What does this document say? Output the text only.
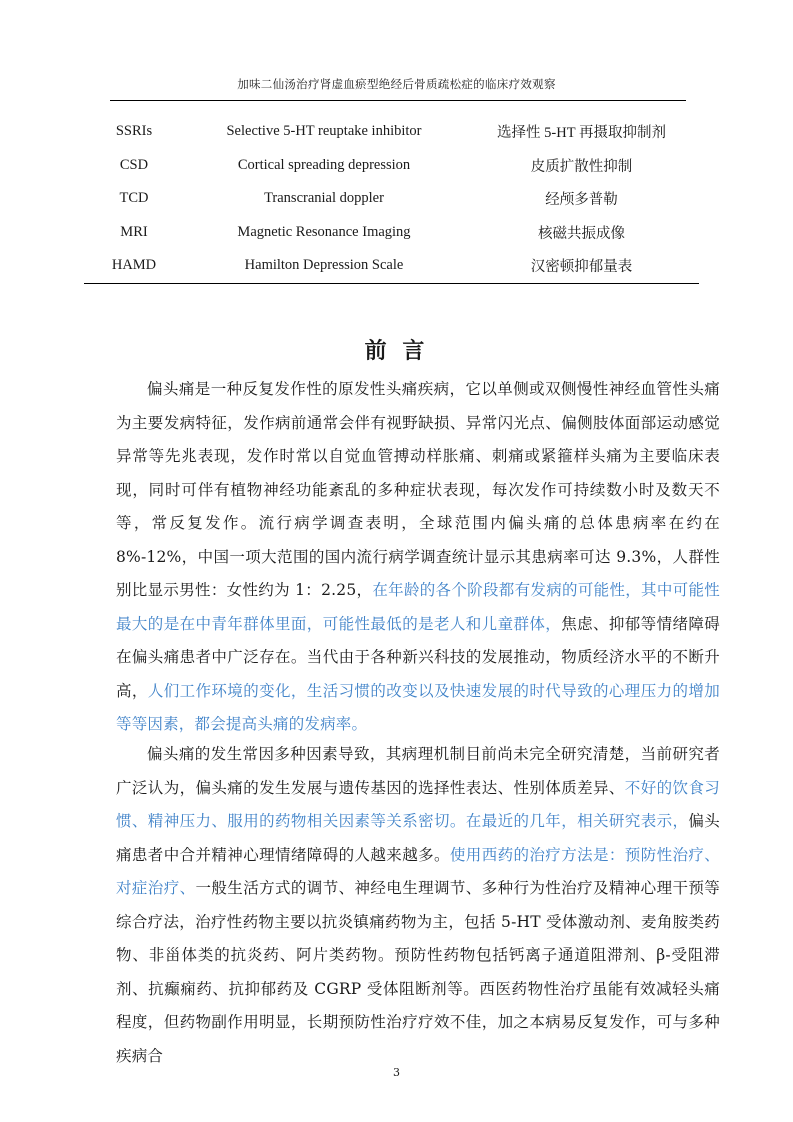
加味二仙汤治疗肾虚血瘀型绝经后骨质疏松症的临床疗效观察
SSRIs	Selective 5-HT reuptake inhibitor	选择性 5-HT 再摄取抑制剂
CSD	Cortical spreading depression	皮质扩散性抑制
TCD	Transcranial doppler	经颅多普勒
MRI	Magnetic Resonance Imaging	核磁共振成像
HAMD	Hamilton Depression Scale	汉密顿抑郁量表
前 言

偏头痛是一种反复发作性的原发性头痛疾病，它以单侧或双侧慢性神经血管性头痛为主要发病特征，发作病前通常会伴有视野缺损、异常闪光点、偏侧肢体面部运动感觉异常等先兆表现，发作时常以自觉血管搏动样胀痛、刺痛或紧箍样头痛为主要临床表现，同时可伴有植物神经功能紊乱的多种症状表现，每次发作可持续数小时及数天不等，常反复发作。流行病学调查表明，全球范围内偏头痛的总体患病率在约在 8%-12%，中国一项大范围的国内流行病学调查统计显示其患病率可达 9.3%，人群性别比显示男性：女性约为 1：2.25，在年龄的各个阶段都有发病的可能性，其中可能性最大的是在中青年群体里面，可能性最低的是老人和儿童群体，焦虑、抑郁等情绪障碍在偏头痛患者中广泛存在。当代由于各种新兴科技的发展推动，物质经济水平的不断升高，人们工作环境的变化，生活习惯的改变以及快速发展的时代导致的心理压力的增加等等因素，都会提高头痛的发病率。

偏头痛的发生常因多种因素导致，其病理机制目前尚未完全研究清楚，当前研究者广泛认为，偏头痛的发生发展与遗传基因的选择性表达、性别体质差异、不好的饮食习惯、精神压力、服用的药物相关因素等关系密切。在最近的几年，相关研究表示，偏头痛患者中合并精神心理情绪障碍的人越来越多。使用西药的治疗方法是：预防性治疗、对症治疗、一般生活方式的调节、神经电生理调节、多种行为性治疗及精神心理干预等综合疗法，治疗性药物主要以抗炎镇痛药物为主，包括 5-HT 受体激动剂、麦角胺类药物、非甾体类的抗炎药、阿片类药物。预防性药物包括钙离子通道阻滞剂、β-受阻滞剂、抗癫痫药、抗抑郁药及 CGRP 受体阻断剂等。西医药物性治疗虽能有效减轻头痛程度，但药物副作用明显，长期预防性治疗疗效不佳，加之本病易反复发作，可与多种疾病合

3
